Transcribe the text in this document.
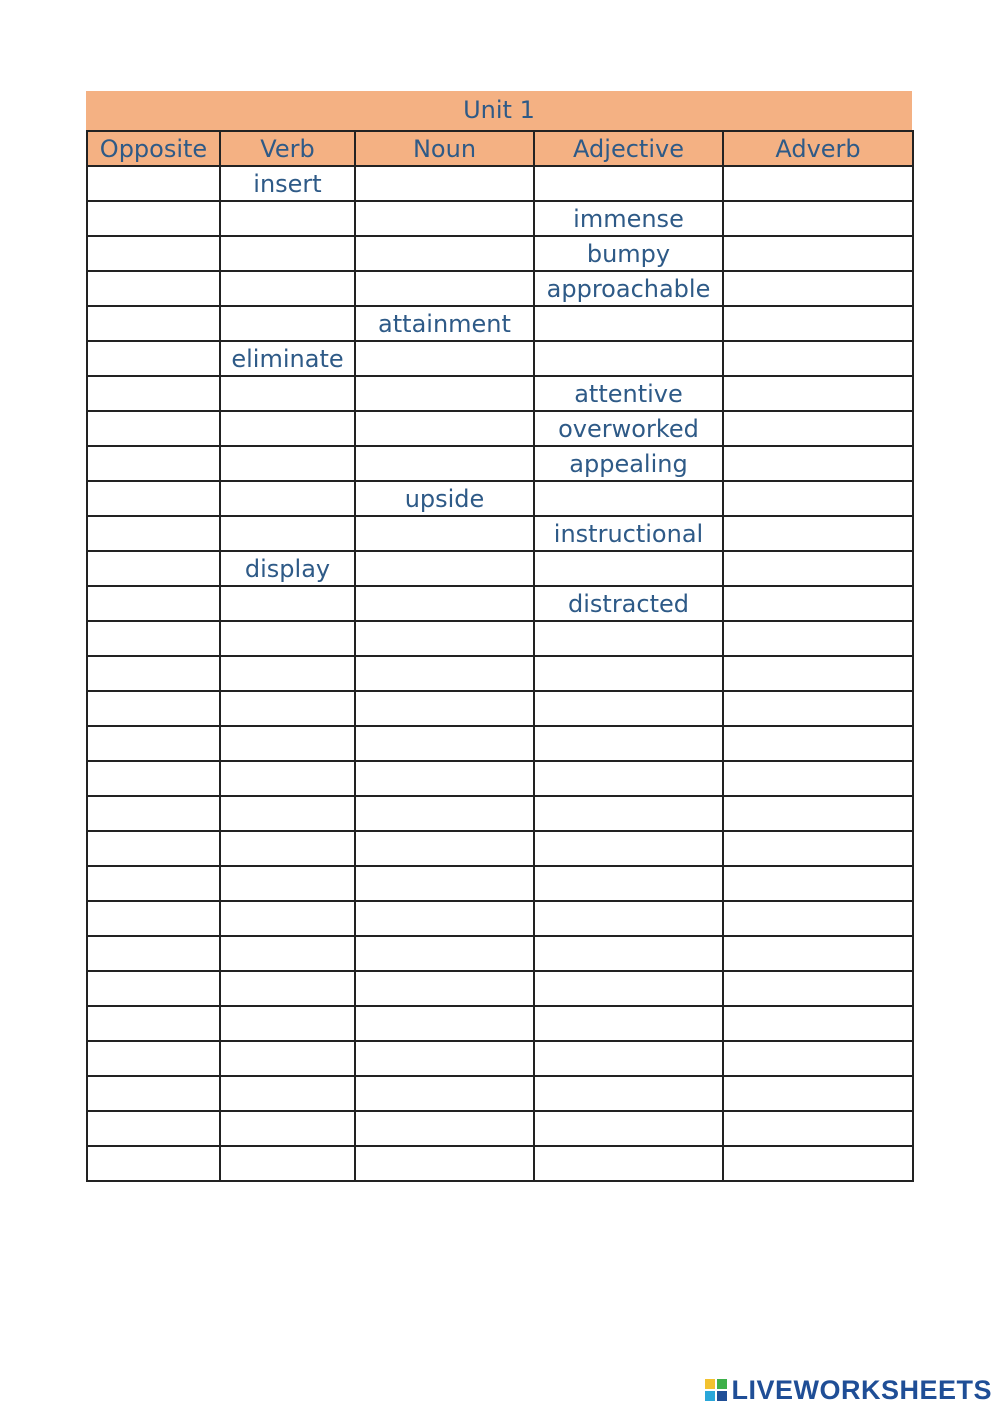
Unit 1
Opposite	Verb	Noun	Adjective	Adverb
	insert			
			immense	
			bumpy	
			approachable	
		attainment		
	eliminate			
			attentive	
			overworked	
			appealing	
		upside		
			instructional	
	display			
			distracted	

LIVEWORKSHEETS
